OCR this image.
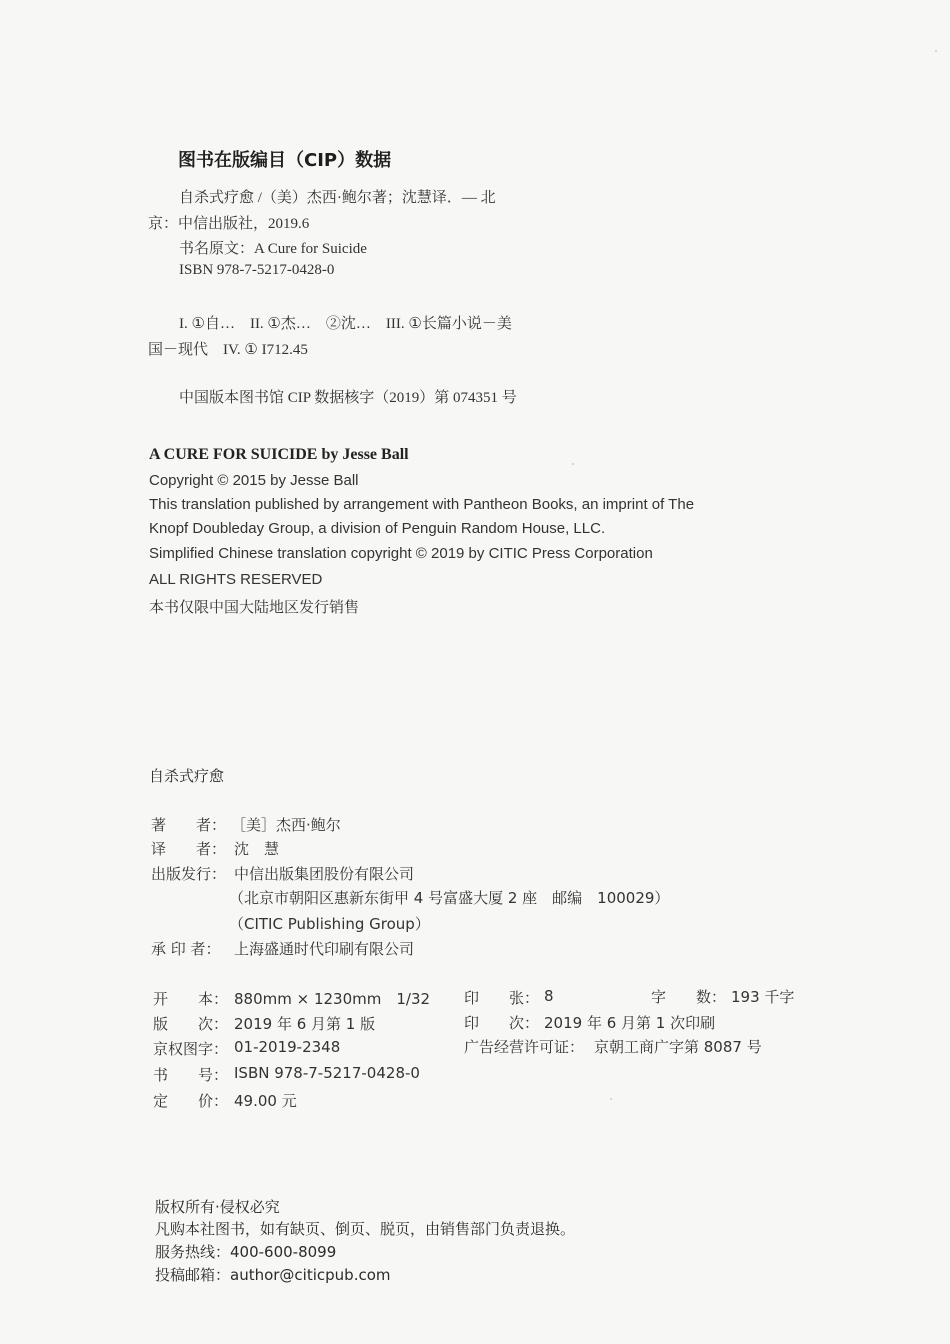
图书在版编目（CIP）数据
自杀式疗愈 /（美）杰西·鲍尔著；沈慧译．— 北
京：中信出版社，2019.6
书名原文：A Cure for Suicide
ISBN 978-7-5217-0428-0
I. ①自…　II. ①杰…　②沈…　III. ①长篇小说－美
国－现代　IV. ① I712.45
中国版本图书馆 CIP 数据核字（2019）第 074351 号
A CURE FOR SUICIDE by Jesse Ball
Copyright © 2015 by Jesse Ball
This translation published by arrangement with Pantheon Books, an imprint of The
Knopf Doubleday Group, a division of Penguin Random House, LLC.
Simplified Chinese translation copyright © 2019 by CITIC Press Corporation
ALL RIGHTS RESERVED
本书仅限中国大陆地区发行销售
自杀式疗愈
著　　者： ［美］杰西·鲍尔
译　　者： 沈　慧
出版发行： 中信出版集团股份有限公司
（北京市朝阳区惠新东街甲 4 号富盛大厦 2 座　邮编　100029）
（CITIC Publishing Group）
承 印 者： 上海盛通时代印刷有限公司
开　　本： 880mm × 1230mm　1/32 印　　张： 8	字　　数： 193 千字
版　　次： 2019 年 6 月第 1 版	印　　次： 2019 年 6 月第 1 次印刷
京权图字： 01-2019-2348	广告经营许可证： 京朝工商广字第 8087 号
书　　号： ISBN 978-7-5217-0428-0
定　　价： 49.00 元
版权所有·侵权必究
凡购本社图书，如有缺页、倒页、脱页，由销售部门负责退换。
服务热线：400-600-8099
投稿邮箱：author@citicpub.com
